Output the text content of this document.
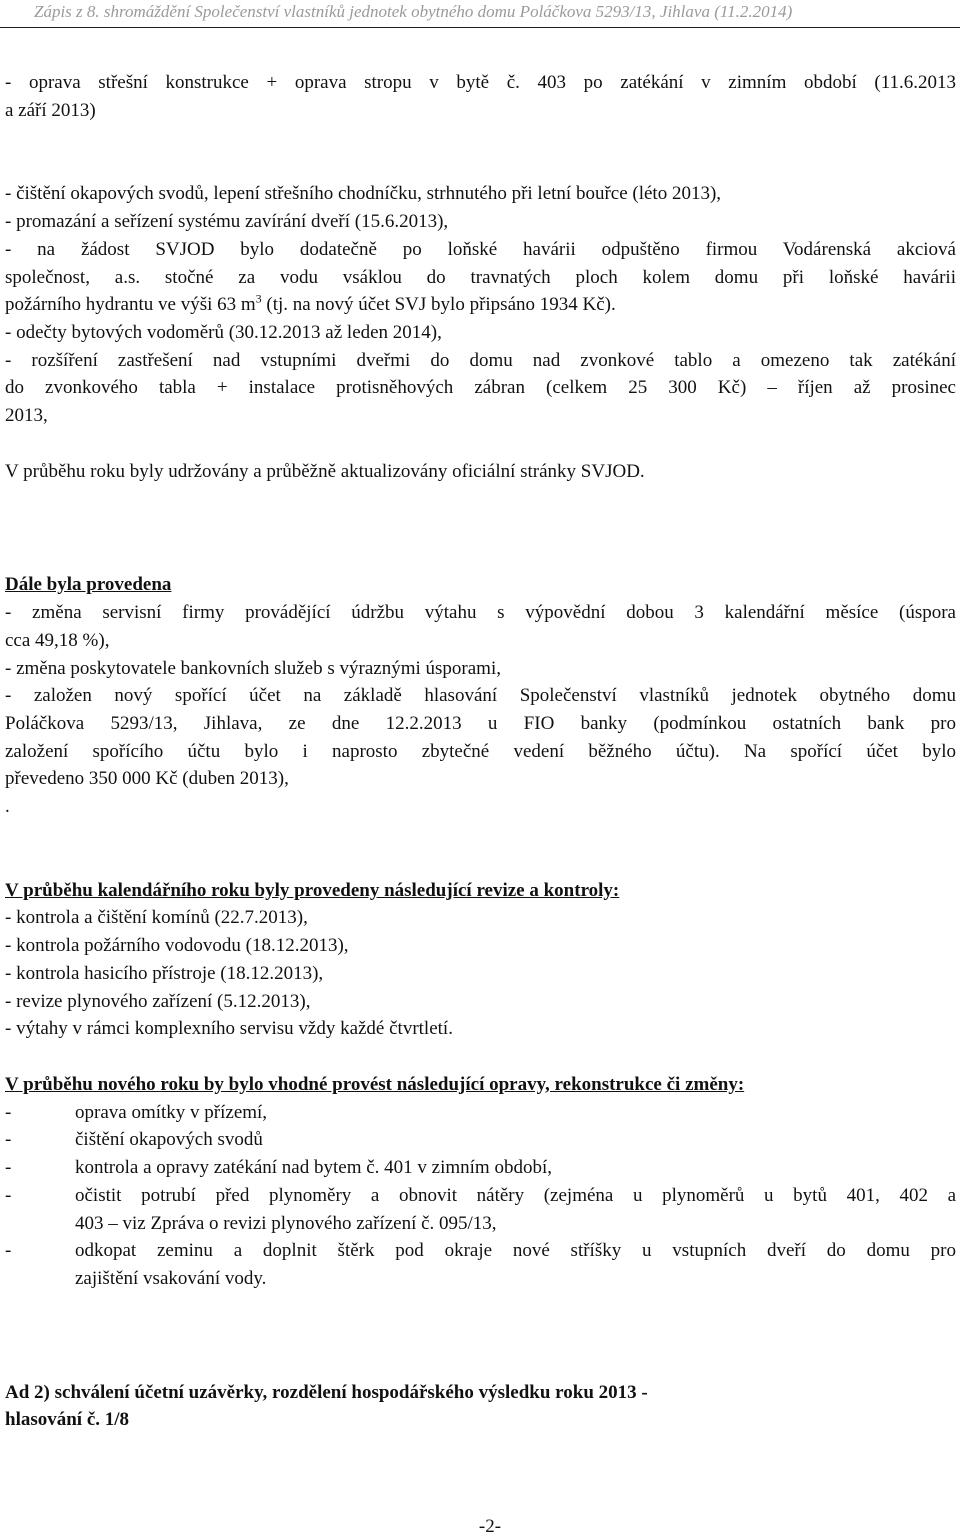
Zápis z 8. shromáždění Společenství vlastníků jednotek obytného domu Poláčkova 5293/13, Jihlava (11.2.2014)
- oprava střešní konstrukce + oprava stropu v bytě č. 403 po zatékání v zimním období (11.6.2013
a září 2013)
- čištění okapových svodů, lepení střešního chodníčku, strhnutého při letní bouřce (léto 2013),
- promazání a seřízení systému zavírání dveří (15.6.2013),
- na žádost SVJOD bylo dodatečně po loňské havárii odpuštěno firmou Vodárenská akciová
společnost, a.s. stočné za vodu vsáklou do travnatých ploch kolem domu při loňské havárii
požárního hydrantu ve výši 63 $m^3$ (tj. na nový účet SVJ bylo připsáno 1934 Kč).
- odečty bytových vodoměrů (30.12.2013 až leden 2014),
- rozšíření zastřešení nad vstupními dveřmi do domu nad zvonkové tablo a omezeno tak zatékání
do zvonkového tabla + instalace protisněhových zábran (celkem 25 300 Kč) – říjen až prosinec
2013,
V průběhu roku byly udržovány a průběžně aktualizovány oficiální stránky SVJOD.
Dále byla provedena
- změna servisní firmy provádějící údržbu výtahu s výpovědní dobou 3 kalendářní měsíce (úspora
cca 49,18 %),
- změna poskytovatele bankovních služeb s výraznými úsporami,
- založen nový spořící účet na základě hlasování Společenství vlastníků jednotek obytného domu
Poláčkova 5293/13, Jihlava, ze dne 12.2.2013 u FIO banky (podmínkou ostatních bank pro
založení spořícího účtu bylo i naprosto zbytečné vedení běžného účtu). Na spořící účet bylo
převedeno 350 000 Kč (duben 2013),
.
V průběhu kalendářního roku byly provedeny následující revize a kontroly:
- kontrola a čištění komínů (22.7.2013),
- kontrola požárního vodovodu (18.12.2013),
- kontrola hasicího přístroje (18.12.2013),
- revize plynového zařízení (5.12.2013),
- výtahy v rámci komplexního servisu vždy každé čtvrtletí.
V průběhu nového roku by bylo vhodné provést následující opravy, rekonstrukce či změny:
-	oprava omítky v přízemí,
-	čištění okapových svodů
-	kontrola a opravy zatékání nad bytem č. 401 v zimním období,
-	očistit potrubí před plynoměry a obnovit nátěry (zejména u plynoměrů u bytů 401, 402 a
403 – viz Zpráva o revizi plynového zařízení č. 095/13,
-	odkopat zeminu a doplnit štěrk pod okraje nové stříšky u vstupních dveří do domu pro
zajištění vsakování vody.
Ad 2) schválení účetní uzávěrky, rozdělení hospodářského výsledku roku 2013 -
hlasování č. 1/8
-2-
